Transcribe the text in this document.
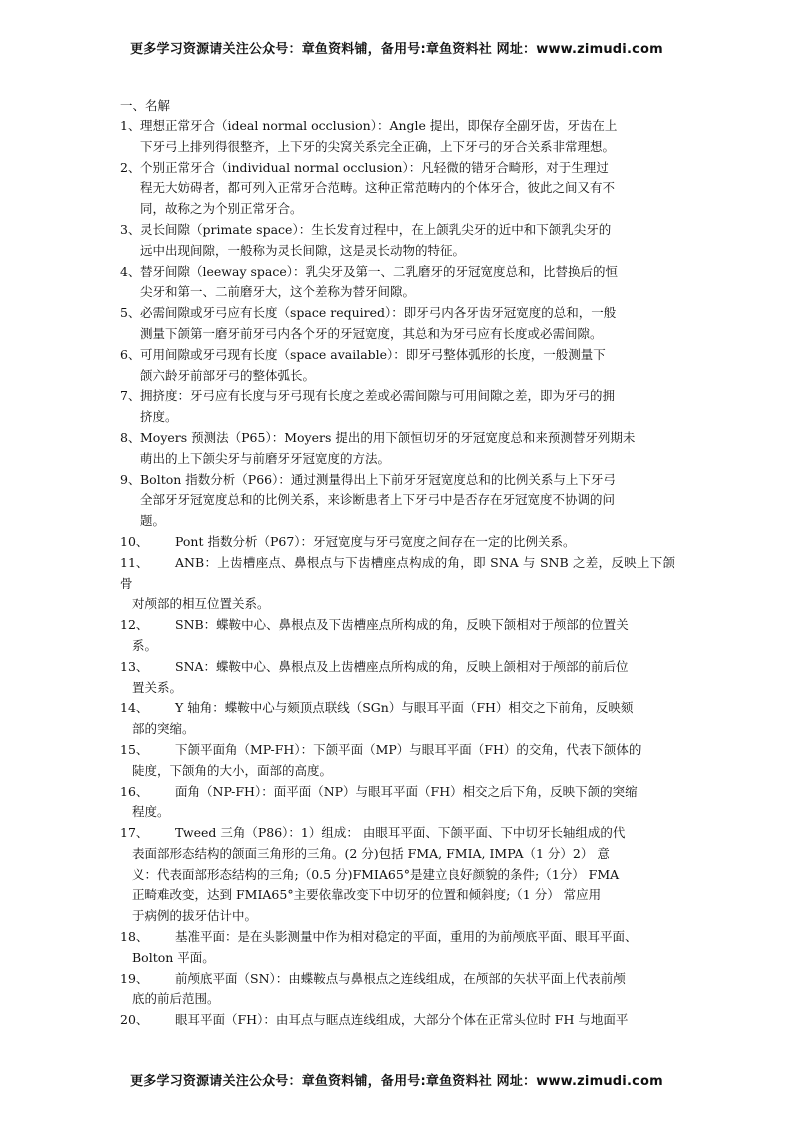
更多学习资源请关注公众号：章鱼资料铺，备用号:章鱼资料社 网址：www.zimudi.com
一、名解
1、 理想正常牙合（ideal normal occlusion）：Angle 提出，即保存全副牙齿，牙齿在上
下牙弓上排列得很整齐，上下牙的尖窝关系完全正确，上下牙弓的牙合关系非常理想。
2、 个别正常牙合（individual normal occlusion）：凡轻微的错牙合畸形，对于生理过
程无大妨碍者，都可列入正常牙合范畴。这种正常范畴内的个体牙合，彼此之间又有不
同，故称之为个别正常牙合。
3、 灵长间隙（primate space）：生长发育过程中，在上颌乳尖牙的近中和下颌乳尖牙的
远中出现间隙，一般称为灵长间隙，这是灵长动物的特征。
4、 替牙间隙（leeway space）：乳尖牙及第一、二乳磨牙的牙冠宽度总和，比替换后的恒
尖牙和第一、二前磨牙大，这个差称为替牙间隙。
5、 必需间隙或牙弓应有长度（space required）：即牙弓内各牙齿牙冠宽度的总和，一般
测量下颌第一磨牙前牙弓内各个牙的牙冠宽度，其总和为牙弓应有长度或必需间隙。
6、 可用间隙或牙弓现有长度（space available）：即牙弓整体弧形的长度，一般测量下
颌六龄牙前部牙弓的整体弧长。
7、 拥挤度：牙弓应有长度与牙弓现有长度之差或必需间隙与可用间隙之差，即为牙弓的拥
挤度。
8、 Moyers 预测法（P65）：Moyers 提出的用下颌恒切牙的牙冠宽度总和来预测替牙列期未
萌出的上下颌尖牙与前磨牙牙冠宽度的方法。
9、 Bolton 指数分析（P66）：通过测量得出上下前牙牙冠宽度总和的比例关系与上下牙弓
全部牙牙冠宽度总和的比例关系，来诊断患者上下牙弓中是否存在牙冠宽度不协调的问
题。
10、 Pont 指数分析（P67）：牙冠宽度与牙弓宽度之间存在一定的比例关系。
11、 ANB：上齿槽座点、鼻根点与下齿槽座点构成的角，即 SNA 与 SNB 之差，反映上下颌骨
对颅部的相互位置关系。
12、 SNB：蝶鞍中心、鼻根点及下齿槽座点所构成的角，反映下颌相对于颅部的位置关
系。
13、 SNA：蝶鞍中心、鼻根点及上齿槽座点所构成的角，反映上颌相对于颅部的前后位
置关系。
14、 Y 轴角：蝶鞍中心与颏顶点联线（SGn）与眼耳平面（FH）相交之下前角，反映颏
部的突缩。
15、 下颌平面角（MP-FH）：下颌平面（MP）与眼耳平面（FH）的交角，代表下颌体的
陡度，下颌角的大小，面部的高度。
16、 面角（NP-FH）：面平面（NP）与眼耳平面（FH）相交之后下角，反映下颌的突缩
程度。
17、 Tweed 三角（P86）：1）组成： 由眼耳平面、下颌平面、下中切牙长轴组成的代
表面部形态结构的颌面三角形的三角。(2 分)包括 FMA, FMIA, IMPA（1 分）2） 意
义：代表面部形态结构的三角;（0.5 分)FMIA65°是建立良好颜貌的条件;（1分） FMA
正畸难改变，达到 FMIA65°主要依靠改变下中切牙的位置和倾斜度;（1 分） 常应用
于病例的拔牙估计中。
18、 基准平面：是在头影测量中作为相对稳定的平面，重用的为前颅底平面、眼耳平面、
Bolton 平面。
19、 前颅底平面（SN）：由蝶鞍点与鼻根点之连线组成，在颅部的矢状平面上代表前颅
底的前后范围。
20、 眼耳平面（FH）：由耳点与眶点连线组成，大部分个体在正常头位时 FH 与地面平
更多学习资源请关注公众号：章鱼资料铺，备用号:章鱼资料社 网址：www.zimudi.com
